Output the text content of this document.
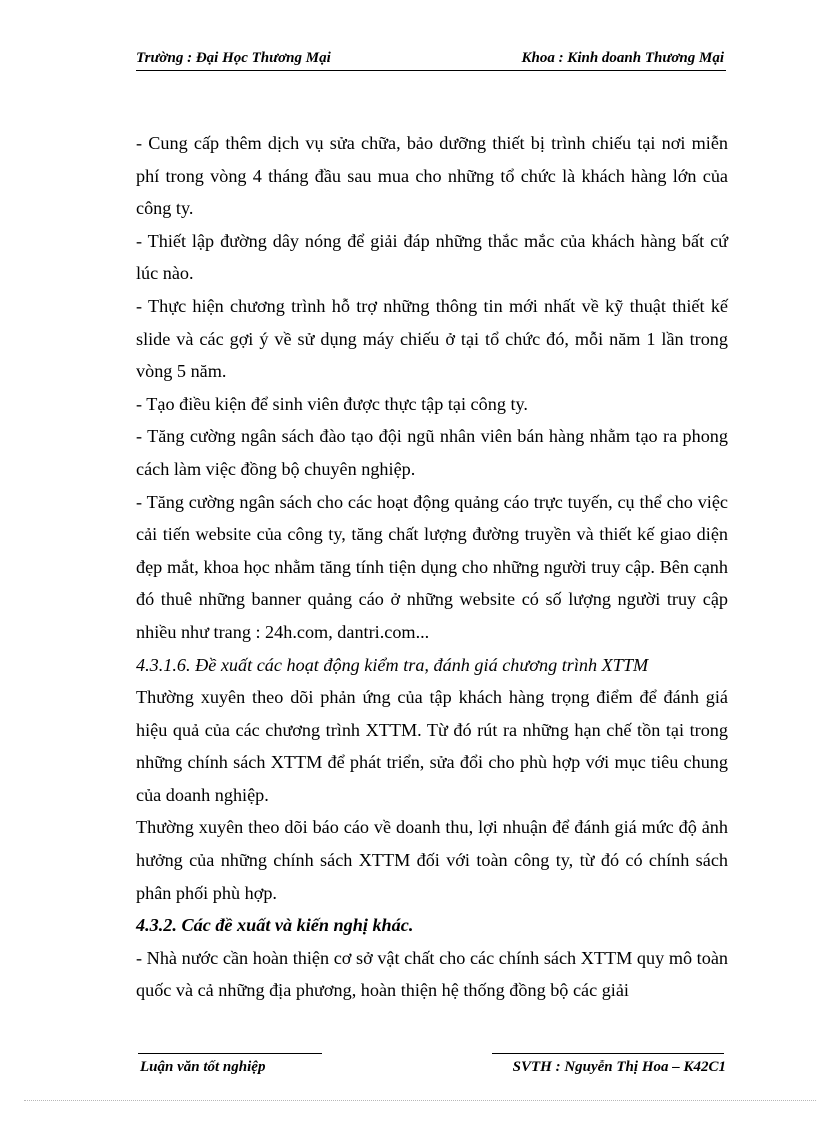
Trường : Đại Học Thương Mại	Khoa : Kinh doanh Thương Mại

- Cung cấp thêm dịch vụ sửa chữa, bảo dưỡng thiết bị trình chiếu tại nơi miễn phí trong vòng 4 tháng đầu sau mua cho những tổ chức là khách hàng lớn của công ty.

- Thiết lập đường dây nóng để giải đáp những thắc mắc của khách hàng bất cứ lúc nào.

- Thực hiện chương trình hỗ trợ những thông tin mới nhất về kỹ thuật thiết kế slide và các gợi ý về sử dụng máy chiếu ở tại tổ chức đó, mỗi năm 1 lần trong vòng 5 năm.

- Tạo điều kiện để sinh viên được thực tập tại công ty.

- Tăng cường ngân sách đào tạo đội ngũ nhân viên bán hàng nhằm tạo ra phong cách làm việc đồng bộ chuyên nghiệp.

- Tăng cường ngân sách cho các hoạt động quảng cáo trực tuyến, cụ thể cho việc cải tiến website của công ty, tăng chất lượng đường truyền và thiết kế giao diện đẹp mắt, khoa học nhằm tăng tính tiện dụng cho những người truy cập. Bên cạnh đó thuê những banner quảng cáo ở những website có số lượng người truy cập nhiều như trang : 24h.com, dantri.com...

4.3.1.6. Đề xuất các hoạt động kiểm tra, đánh giá chương trình XTTM

Thường xuyên theo dõi phản ứng của tập khách hàng trọng điểm để đánh giá hiệu quả của các chương trình XTTM. Từ đó rút ra những hạn chế tồn tại trong những chính sách XTTM để phát triển, sửa đổi cho phù hợp với mục tiêu chung của doanh nghiệp.

Thường xuyên theo dõi báo cáo về doanh thu, lợi nhuận để đánh giá mức độ ảnh hưởng của những chính sách XTTM đối với toàn công ty, từ đó có chính sách phân phối phù hợp.

4.3.2. Các đề xuất và kiến nghị khác.

- Nhà nước cần hoàn thiện cơ sở vật chất cho các chính sách XTTM quy mô toàn quốc và cả những địa phương, hoàn thiện hệ thống đồng bộ các giải

Luận văn tốt nghiệp	SVTH : Nguyễn Thị Hoa – K42C1
